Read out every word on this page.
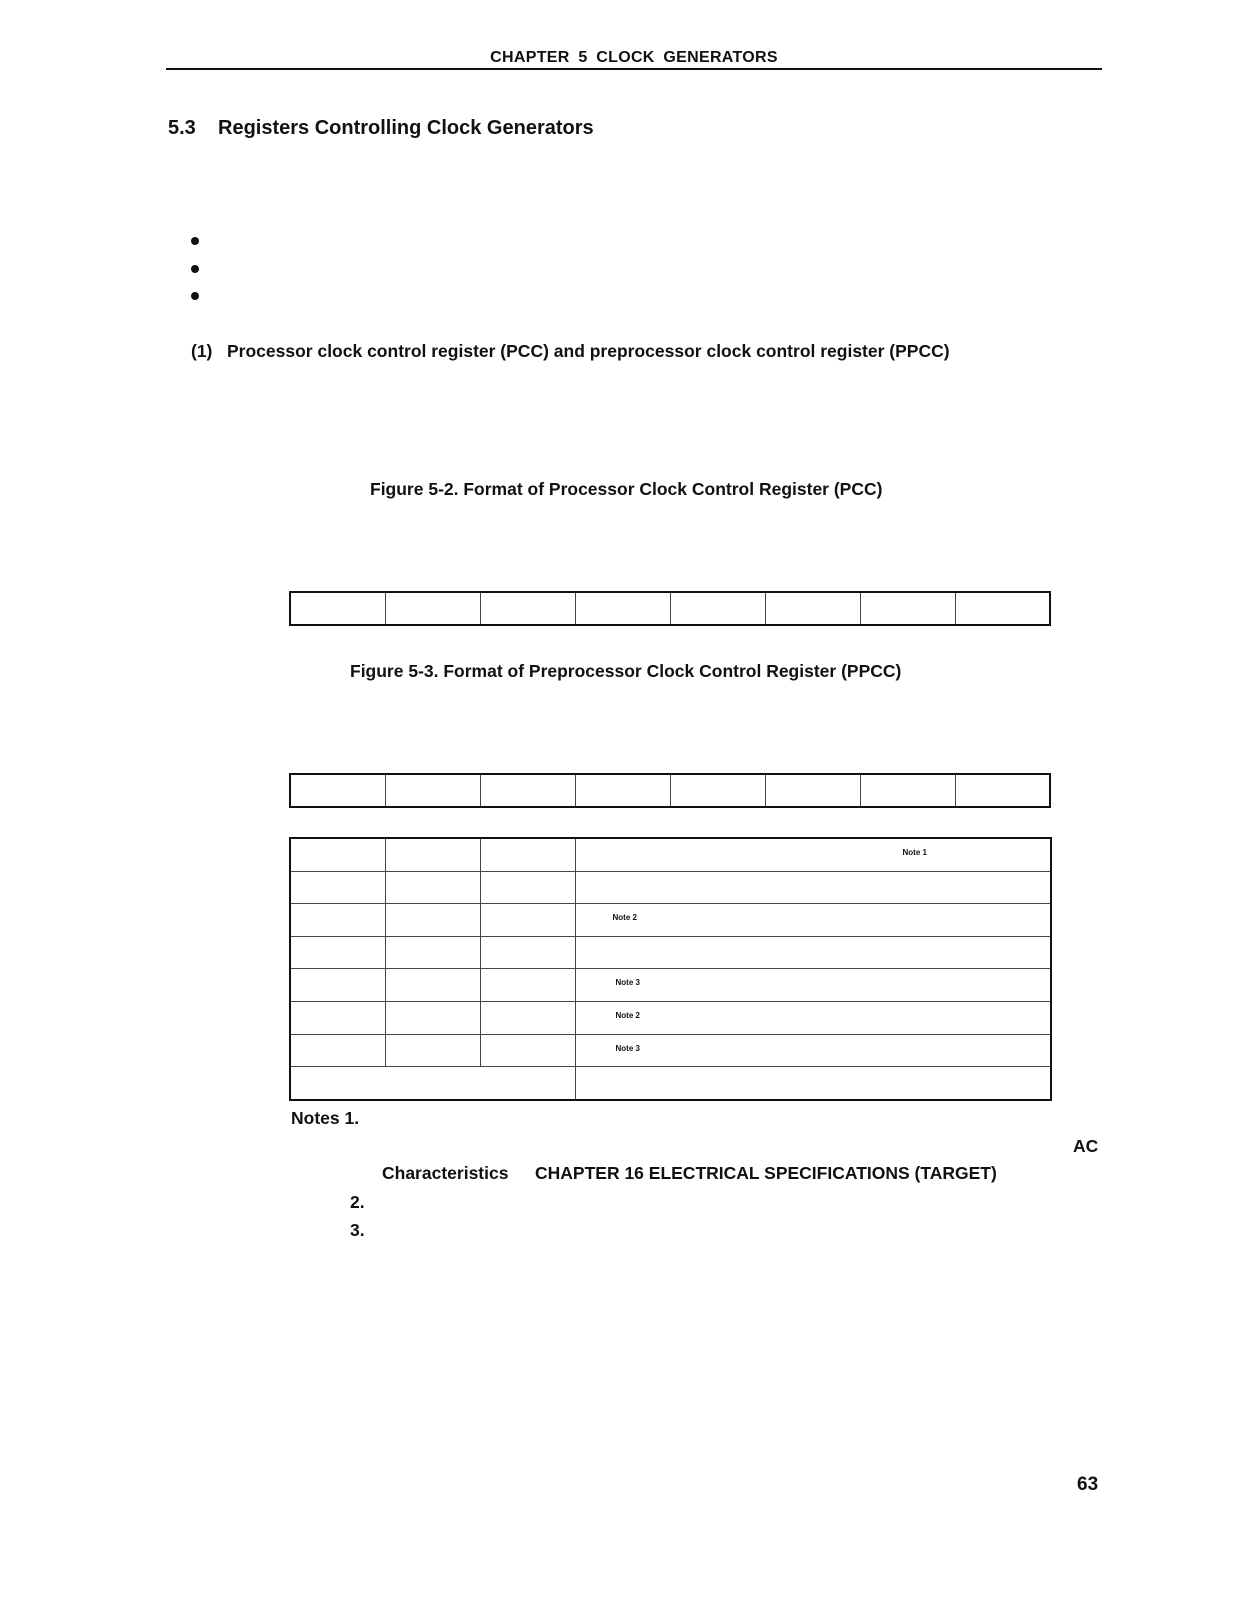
CHAPTER 5 CLOCK GENERATORS
5.3 Registers Controlling Clock Generators
(1) Processor clock control register (PCC) and preprocessor clock control register (PPCC)
Figure 5-2. Format of Processor Clock Control Register (PCC)

Figure 5-3. Format of Preprocessor Clock Control Register (PPCC)

			Note 1

			Note 2

			Note 3

			Note 2

			Note 3

Notes 1.
AC
Characteristics CHAPTER 16 ELECTRICAL SPECIFICATIONS (TARGET)
2.
3.
63
